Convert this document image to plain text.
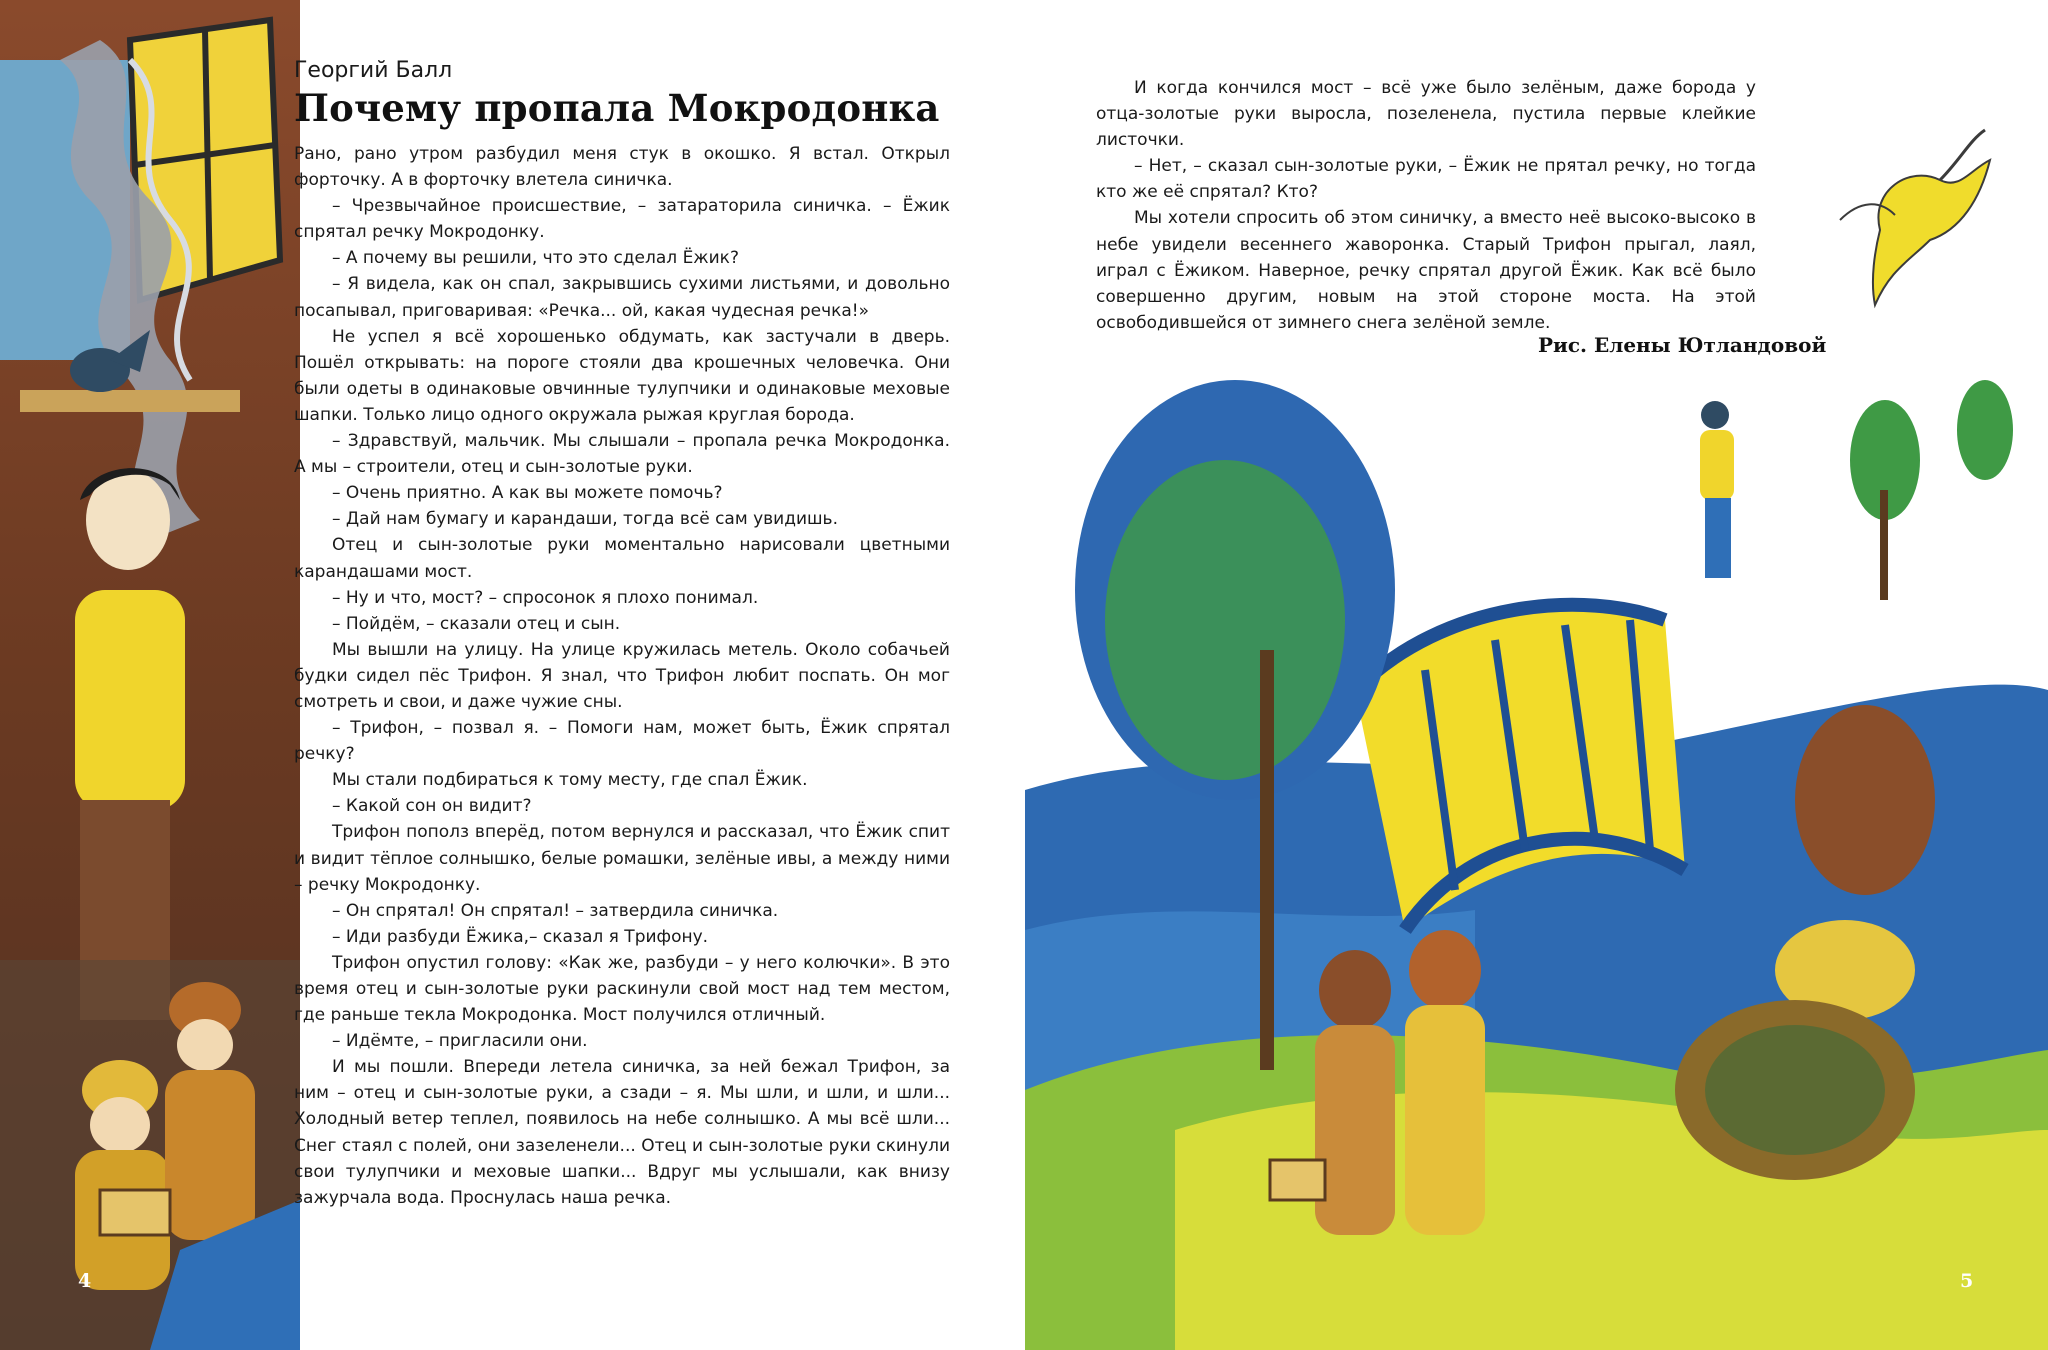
Георгий Балл
Почему пропала Мокродонка

Рано, рано утром разбудил меня стук в окошко. Я встал. Открыл форточку. А в форточку влетела синичка.

– Чрезвычайное происшествие, – затараторила синичка. – Ёжик спрятал речку Мокродонку.

– А почему вы решили, что это сделал Ёжик?

– Я видела, как он спал, закрывшись сухими листьями, и довольно посапывал, приговаривая: «Речка... ой, какая чудесная речка!»

Не успел я всё хорошенько обдумать, как застучали в дверь. Пошёл открывать: на пороге стояли два крошечных человечка. Они были одеты в одинаковые овчинные тулупчики и одинаковые меховые шапки. Только лицо одного окружала рыжая круглая борода.

– Здравствуй, мальчик. Мы слышали – пропала речка Мокродонка. А мы – строители, отец и сын-золотые руки.

– Очень приятно. А как вы можете помочь?

– Дай нам бумагу и карандаши, тогда всё сам увидишь.

Отец и сын-золотые руки моментально нарисовали цветными карандашами мост.

– Ну и что, мост? – спросонок я плохо понимал.

– Пойдём, – сказали отец и сын.

Мы вышли на улицу. На улице кружилась метель. Около собачьей будки сидел пёс Трифон. Я знал, что Трифон любит поспать. Он мог смотреть и свои, и даже чужие сны.

– Трифон, – позвал я. – Помоги нам, может быть, Ёжик спрятал речку?

Мы стали подбираться к тому месту, где спал Ёжик.

– Какой сон он видит?

Трифон пополз вперёд, потом вернулся и рассказал, что Ёжик спит и видит тёплое солнышко, белые ромашки, зелёные ивы, а между ними – речку Мокродонку.

– Он спрятал! Он спрятал! – затвердила синичка.

– Иди разбуди Ёжика,– сказал я Трифону.

Трифон опустил голову: «Как же, разбуди – у него колючки». В это время отец и сын-золотые руки раскинули свой мост над тем местом, где раньше текла Мокродонка. Мост получился отличный.

– Идёмте, – пригласили они.

И мы пошли. Впереди летела синичка, за ней бежал Трифон, за ним – отец и сын-золотые руки, а сзади – я. Мы шли, и шли, и шли... Холодный ветер теплел, появилось на небе солнышко. А мы всё шли... Снег стаял с полей, они зазеленели... Отец и сын-золотые руки скинули свои тулупчики и меховые шапки... Вдруг мы услышали, как внизу зажурчала вода. Проснулась наша речка.

И когда кончился мост – всё уже было зелёным, даже борода у отца-золотые руки выросла, позеленела, пустила первые клейкие листочки.

– Нет, – сказал сын-золотые руки, – Ёжик не прятал речку, но тогда кто же её спрятал? Кто?

Мы хотели спросить об этом синичку, а вместо неё высоко-высоко в небе увидели весеннего жаворонка. Старый Трифон прыгал, лаял, играл с Ёжиком. Наверное, речку спрятал другой Ёжик. Как всё было совершенно другим, новым на этой стороне моста. На этой освободившейся от зимнего снега зелёной земле.

Рис. Елены Ютландовой
4	5
